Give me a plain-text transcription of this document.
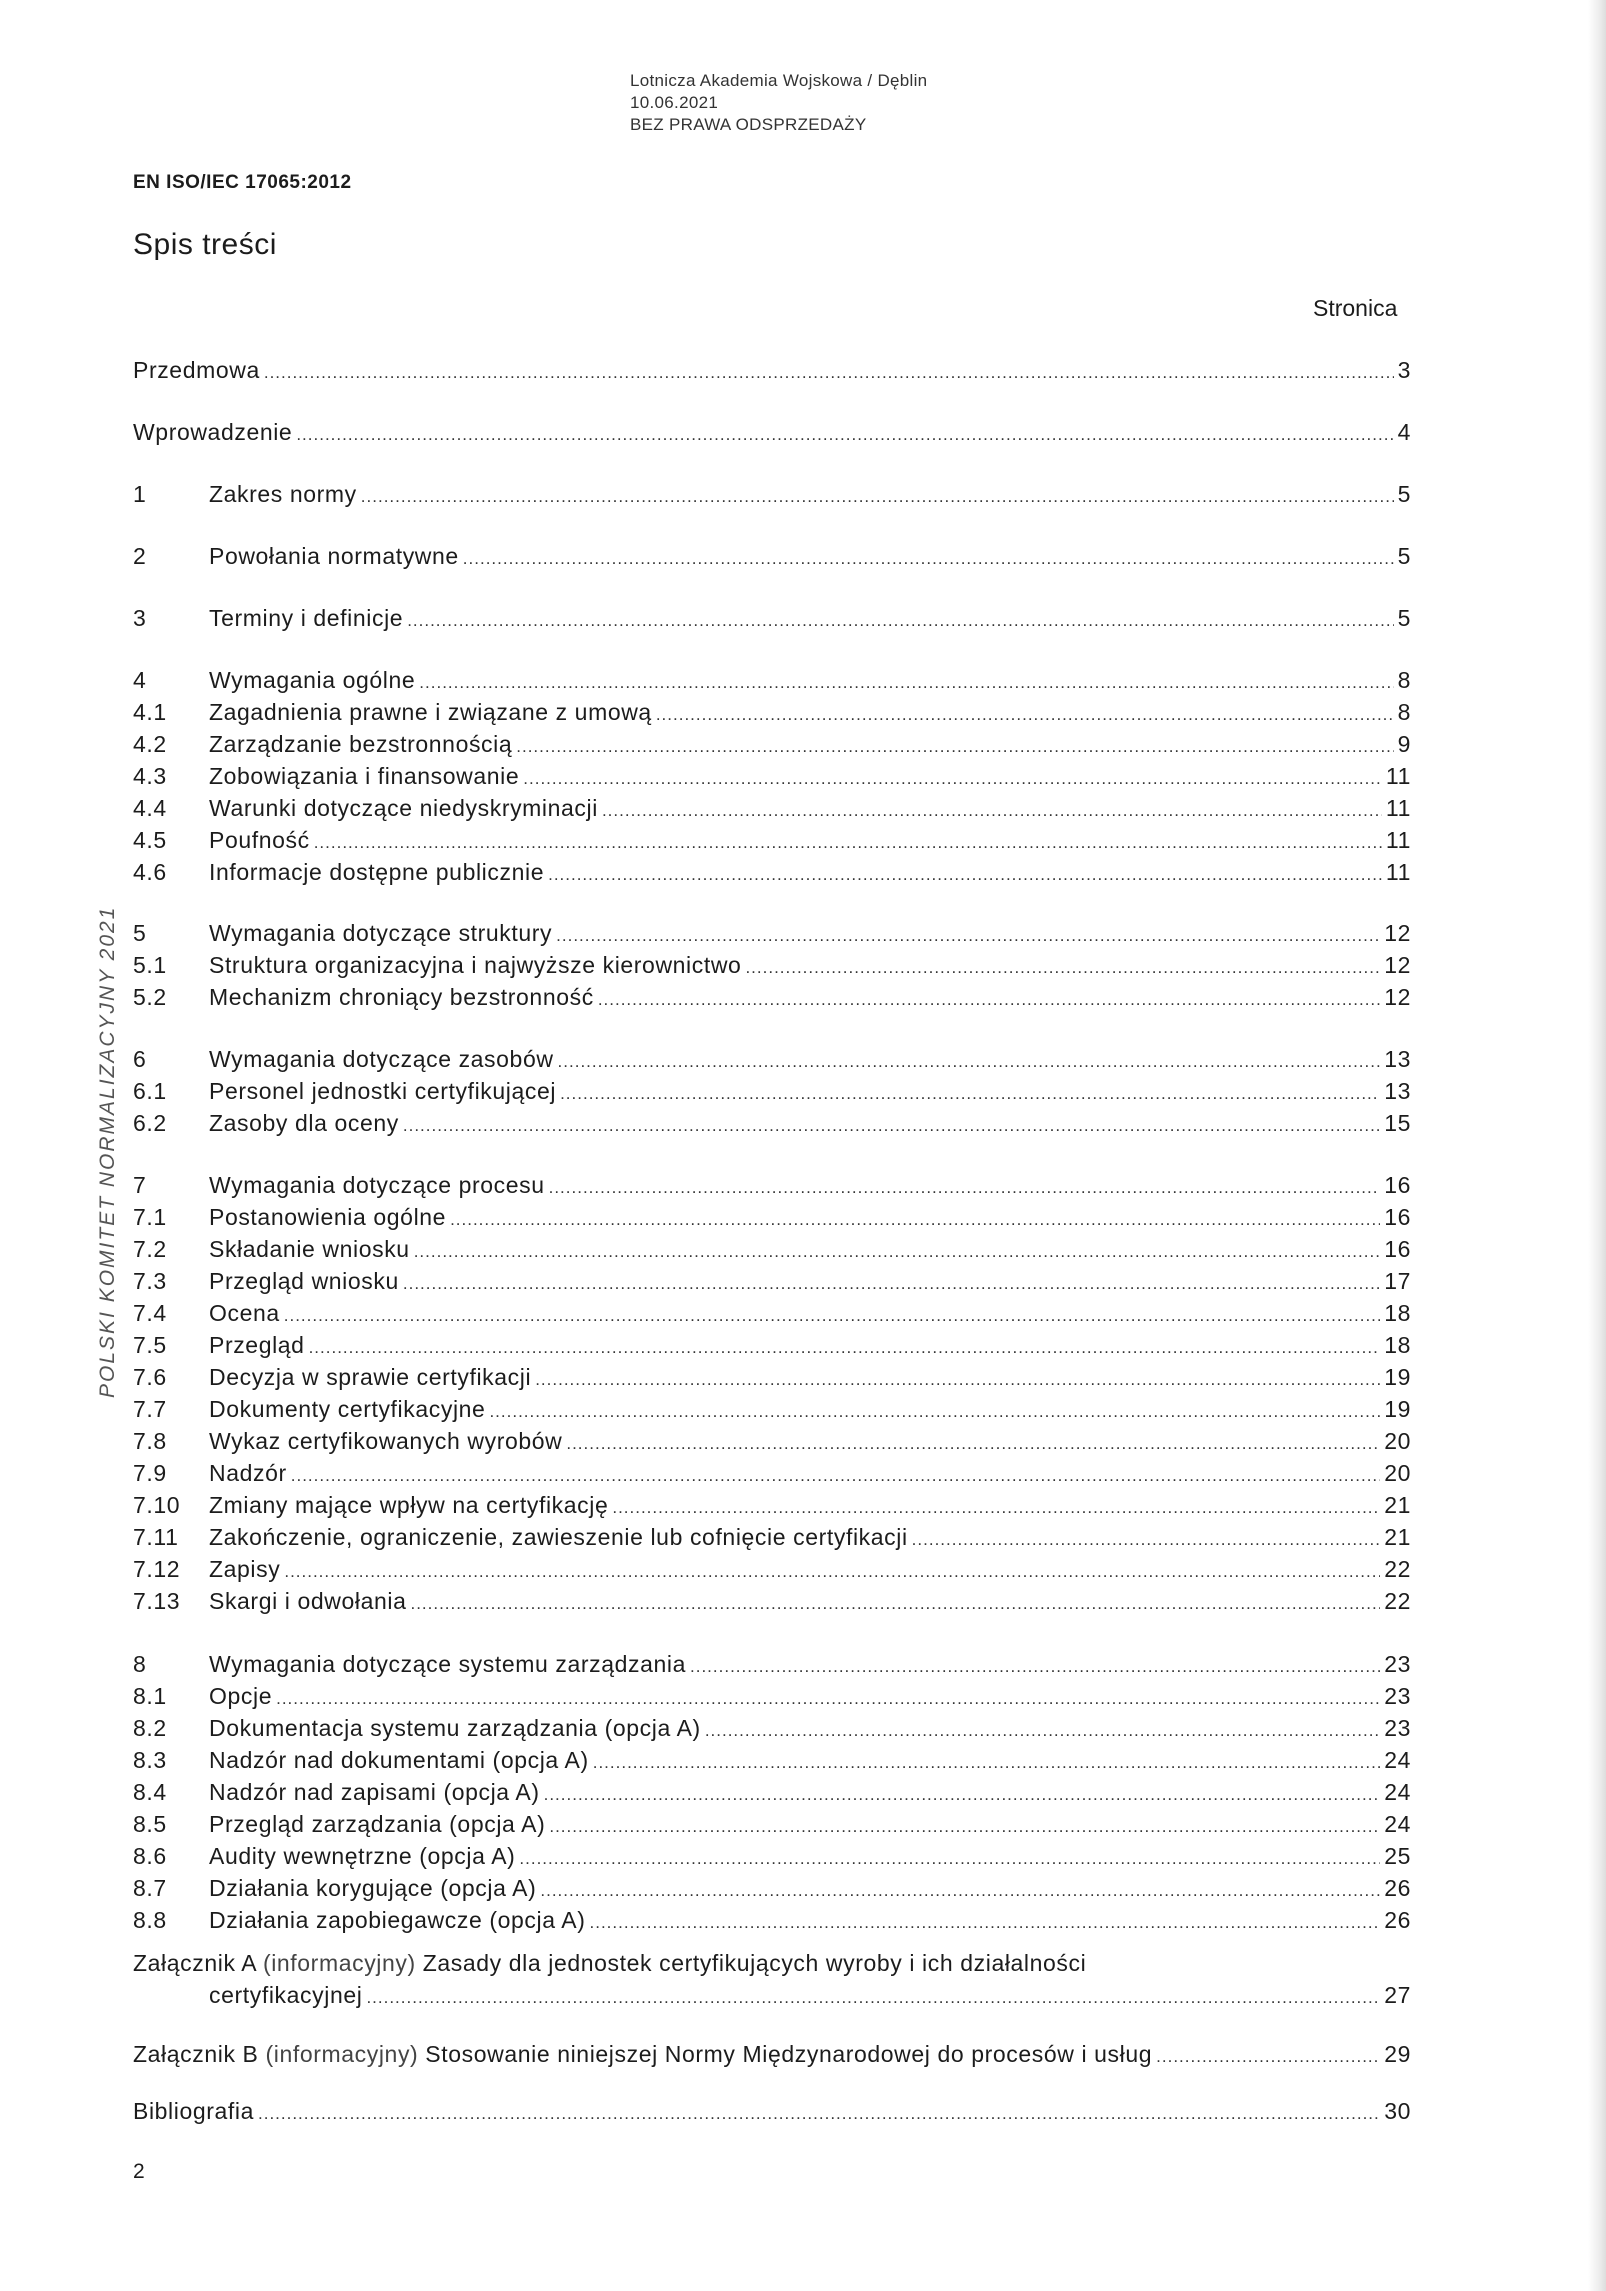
Lotnicza Akademia Wojskowa / Dęblin
10.06.2021
BEZ PRAWA ODSPRZEDAŻY
EN ISO/IEC 17065:2012
Spis treści
Stronica
Przedmowa .....	3
Wprowadzenie .....	4
1	Zakres normy .....	5
2	Powołania normatywne .....	5
3	Terminy i definicje .....	5
4	Wymagania ogólne .....	8
4.1	Zagadnienia prawne i związane z umową .....	8
4.2	Zarządzanie bezstronnością .....	9
4.3	Zobowiązania i finansowanie .....	11
4.4	Warunki dotyczące niedyskryminacji .....	11
4.5	Poufność .....	11
4.6	Informacje dostępne publicznie .....	11
5	Wymagania dotyczące struktury .....	12
5.1	Struktura organizacyjna i najwyższe kierownictwo .....	12
5.2	Mechanizm chroniący bezstronność .....	12
6	Wymagania dotyczące zasobów .....	13
6.1	Personel jednostki certyfikującej .....	13
6.2	Zasoby dla oceny .....	15
7	Wymagania dotyczące procesu .....	16
7.1	Postanowienia ogólne .....	16
7.2	Składanie wniosku .....	16
7.3	Przegląd wniosku .....	17
7.4	Ocena .....	18
7.5	Przegląd .....	18
7.6	Decyzja w sprawie certyfikacji .....	19
7.7	Dokumenty certyfikacyjne .....	19
7.8	Wykaz certyfikowanych wyrobów .....	20
7.9	Nadzór .....	20
7.10	Zmiany mające wpływ na certyfikację .....	21
7.11	Zakończenie, ograniczenie, zawieszenie lub cofnięcie certyfikacji .....	21
7.12	Zapisy .....	22
7.13	Skargi i odwołania .....	22
8	Wymagania dotyczące systemu zarządzania .....	23
8.1	Opcje .....	23
8.2	Dokumentacja systemu zarządzania (opcja A) .....	23
8.3	Nadzór nad dokumentami (opcja A) .....	24
8.4	Nadzór nad zapisami (opcja A) .....	24
8.5	Przegląd zarządzania (opcja A) .....	24
8.6	Audity wewnętrzne (opcja A) .....	25
8.7	Działania korygujące (opcja A) .....	26
8.8	Działania zapobiegawcze (opcja A) .....	26
Załącznik A (informacyjny) Zasady dla jednostek certyfikujących wyroby i ich działalności
certyfikacyjnej .....	27
Załącznik B (informacyjny) Stosowanie niniejszej Normy Międzynarodowej do procesów i usług .....	29
Bibliografia .....	30
POLSKI KOMITET NORMALIZACYJNY 2021
2
